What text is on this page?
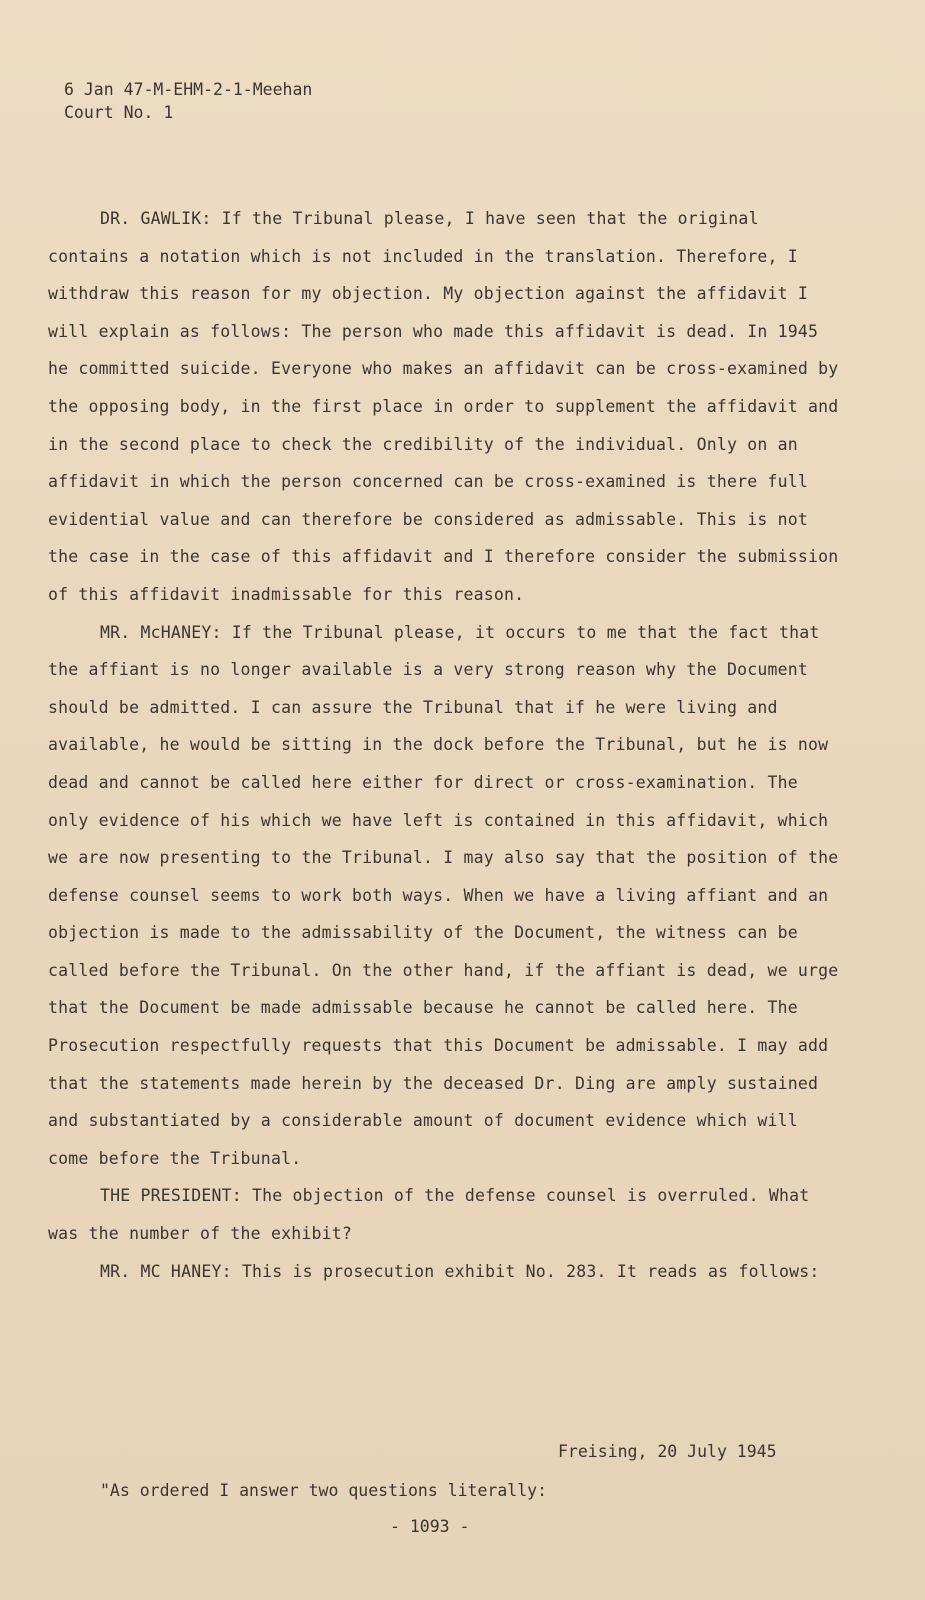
6 Jan 47-M-EHM-2-1-Meehan
Court No. 1

DR. GAWLIK: If the Tribunal please, I have seen that the original contains a notation which is not included in the translation. Therefore, I withdraw this reason for my objection. My objection against the affidavit I will explain as follows: The person who made this affidavit is dead. In 1945 he committed suicide. Everyone who makes an affidavit can be cross-examined by the opposing body, in the first place in order to supplement the affidavit and in the second place to check the credibility of the individual. Only on an affidavit in which the person concerned can be cross-examined is there full evidential value and can therefore be considered as admissable. This is not the case in the case of this affidavit and I therefore consider the submission of this affidavit inadmissable for this reason.

MR. McHANEY: If the Tribunal please, it occurs to me that the fact that the affiant is no longer available is a very strong reason why the Document should be admitted. I can assure the Tribunal that if he were living and available, he would be sitting in the dock before the Tribunal, but he is now dead and cannot be called here either for direct or cross-examination. The only evidence of his which we have left is contained in this affidavit, which we are now presenting to the Tribunal. I may also say that the position of the defense counsel seems to work both ways. When we have a living affiant and an objection is made to the admissability of the Document, the witness can be called before the Tribunal. On the other hand, if the affiant is dead, we urge that the Document be made admissable because he cannot be called here. The Prosecution respectfully requests that this Document be admissable. I may add that the statements made herein by the deceased Dr. Ding are amply sustained and substantiated by a considerable amount of document evidence which will come before the Tribunal.

THE PRESIDENT: The objection of the defense counsel is overruled. What was the number of the exhibit?

MR. MC HANEY: This is prosecution exhibit No. 283. It reads as follows:

Freising, 20 July 1945
"As ordered I answer two questions literally:
- 1093 -
